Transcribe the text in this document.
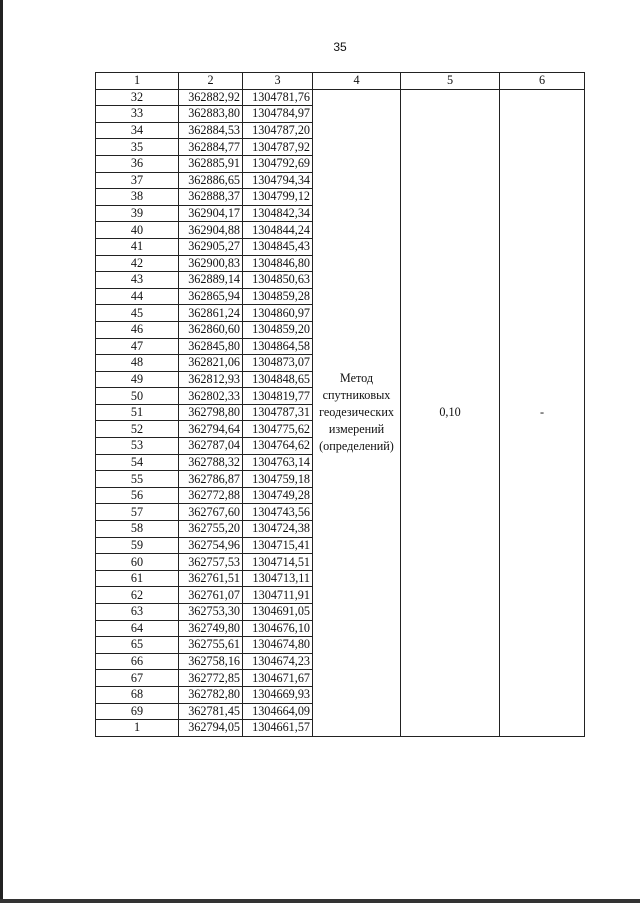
35
1	2	3	4	5	6
32	362882,92	1304781,76	Метод
спутниковых
геодезических
измерений
(определений)	0,10	-
33	362883,80	1304784,97			
34	362884,53	1304787,20			
35	362884,77	1304787,92			
36	362885,91	1304792,69			
37	362886,65	1304794,34			
38	362888,37	1304799,12			
39	362904,17	1304842,34			
40	362904,88	1304844,24			
41	362905,27	1304845,43			
42	362900,83	1304846,80			
43	362889,14	1304850,63			
44	362865,94	1304859,28			
45	362861,24	1304860,97			
46	362860,60	1304859,20			
47	362845,80	1304864,58			
48	362821,06	1304873,07			
49	362812,93	1304848,65			
50	362802,33	1304819,77			
51	362798,80	1304787,31			
52	362794,64	1304775,62			
53	362787,04	1304764,62			
54	362788,32	1304763,14			
55	362786,87	1304759,18			
56	362772,88	1304749,28			
57	362767,60	1304743,56			
58	362755,20	1304724,38			
59	362754,96	1304715,41			
60	362757,53	1304714,51			
61	362761,51	1304713,11			
62	362761,07	1304711,91			
63	362753,30	1304691,05			
64	362749,80	1304676,10			
65	362755,61	1304674,80			
66	362758,16	1304674,23			
67	362772,85	1304671,67			
68	362782,80	1304669,93			
69	362781,45	1304664,09			
1	362794,05	1304661,57			
